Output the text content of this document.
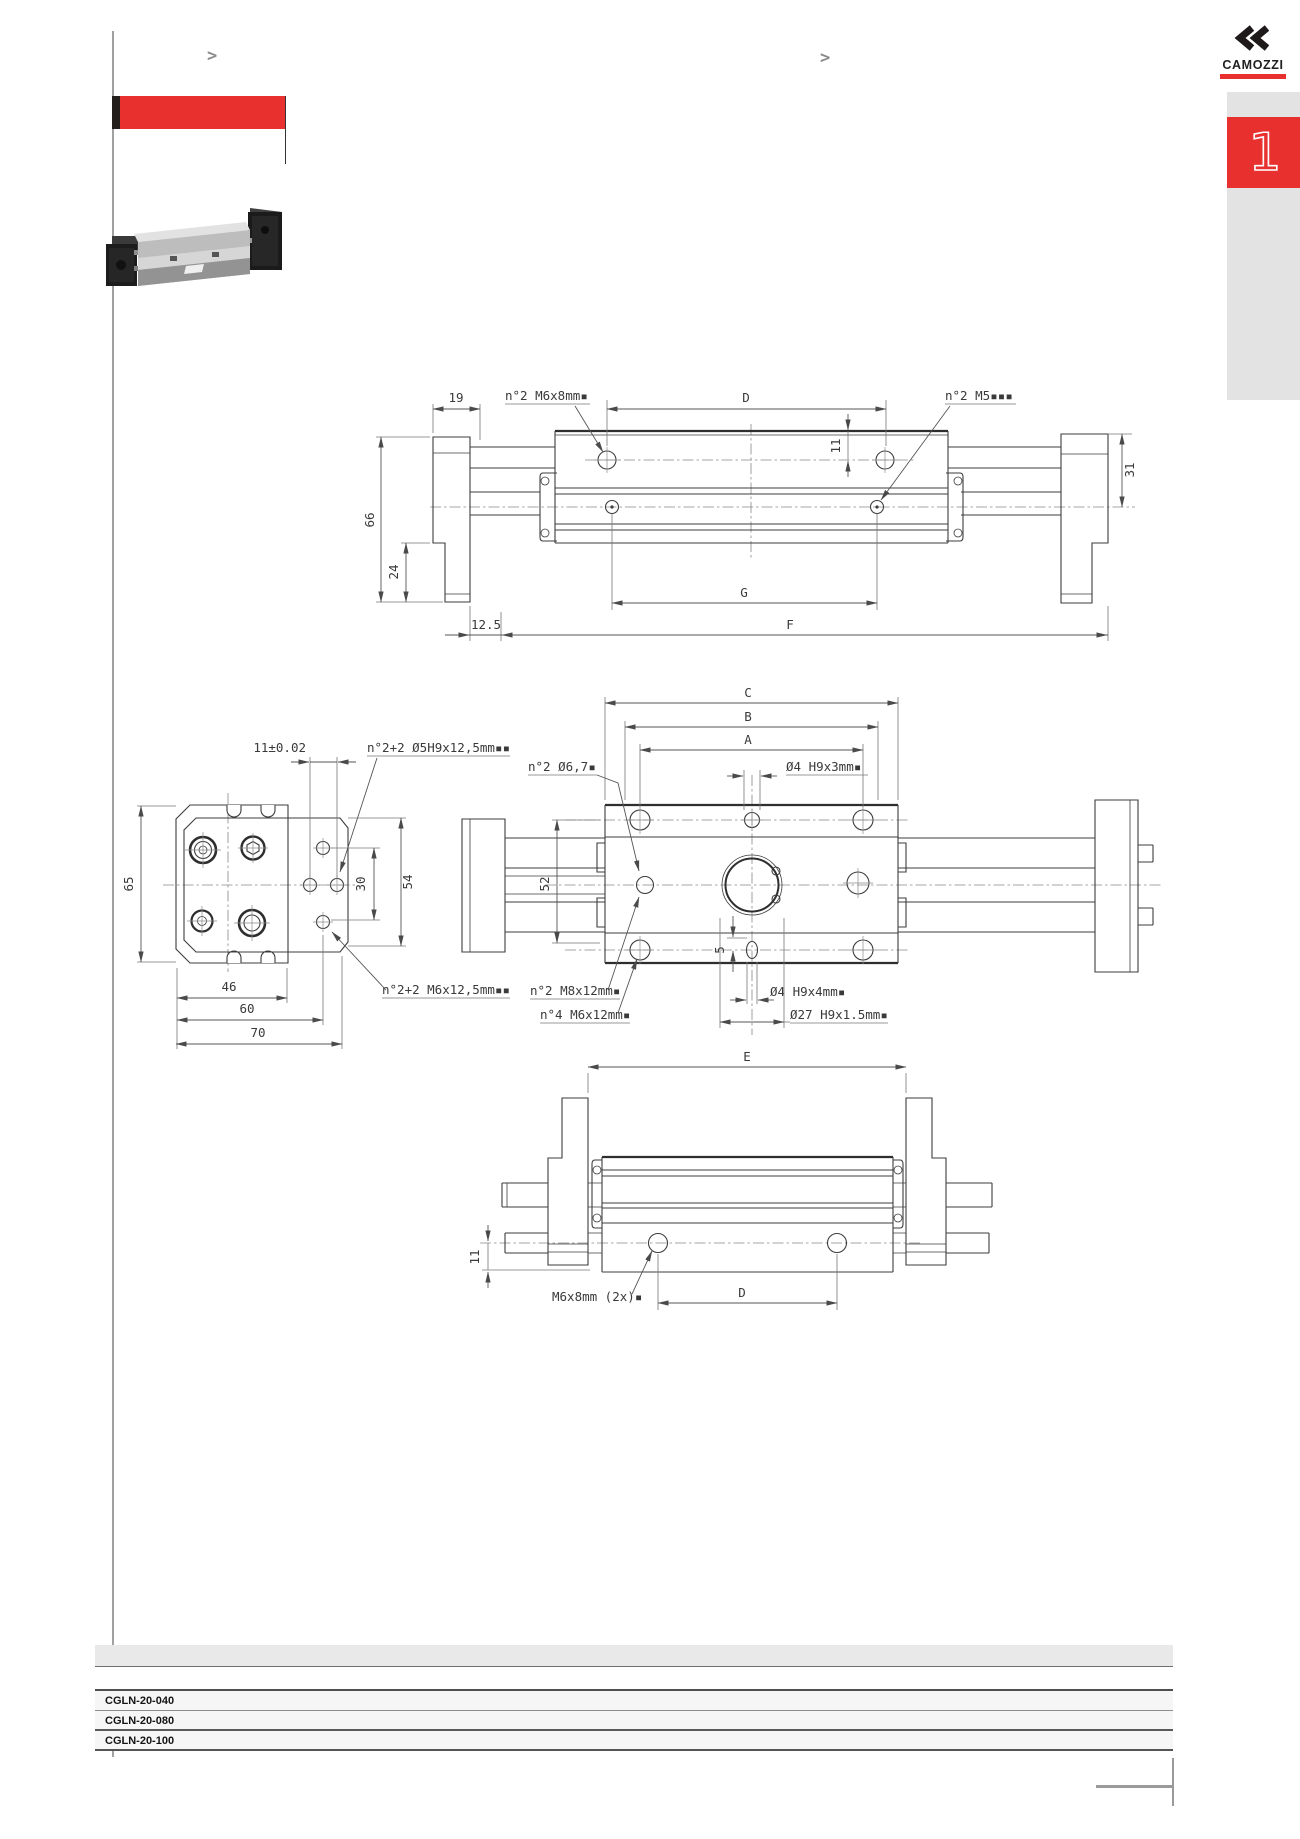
>	>	CAMOZZI
1
19	D
n°2 M6x8mm▪	n°2 M5▪▪▪
11
31
66
24
12.5	F
G
65	54
30
11±0.02	n°2+2 Ø5H9x12,5mm▪▪
46
60
70
n°2+2 M6x12,5mm▪▪
C
B
A
Ø4 H9x3mm▪
n°2 Ø6,7▪
52
5
n°2 M8x12mm▪
n°4 M6x12mm▪
Ø4 H9x4mm▪
Ø27 H9x1.5mm▪
E
11
M6x8mm (2x)▪	D
CGLN-20-040
CGLN-20-080
CGLN-20-100
